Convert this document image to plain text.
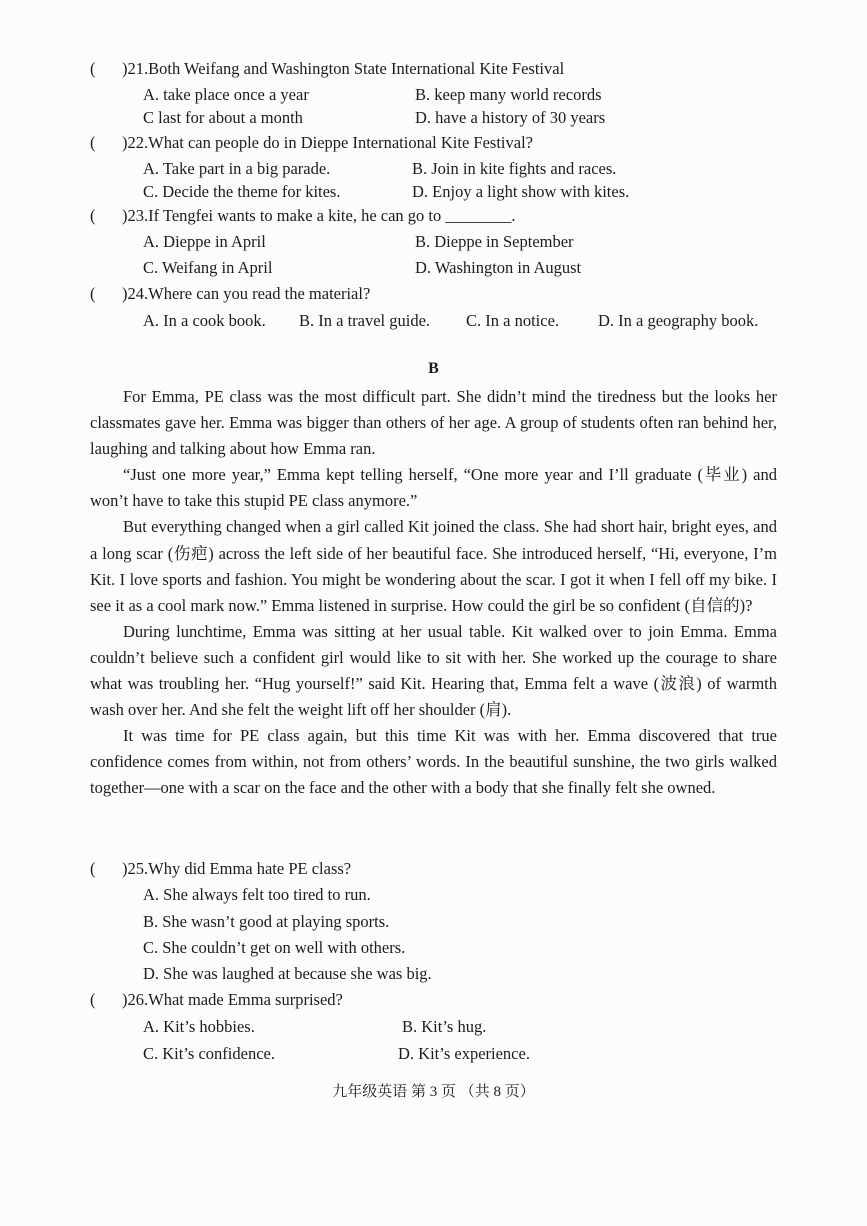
( )21.Both Weifang and Washington State International Kite Festival
A. take place once a year	B. keep many world records
C last for about a month	D. have a history of 30 years
( )22.What can people do in Dieppe International Kite Festival?
A. Take part in a big parade.	B. Join in kite fights and races.
C. Decide the theme for kites.	D. Enjoy a light show with kites.
( )23.If Tengfei wants to make a kite, he can go to ________.
A. Dieppe in April	B. Dieppe in September
C. Weifang in April	D. Washington in August
( )24.Where can you read the material?
A. In a cook book. B. In a travel guide. C. In a notice. D. In a geography book.
B

For Emma, PE class was the most difficult part. She didn’t mind the tiredness but the looks her classmates gave her. Emma was bigger than others of her age. A group of students often ran behind her, laughing and talking about how Emma ran.

“Just one more year,” Emma kept telling herself, “One more year and I’ll graduate (毕业) and won’t have to take this stupid PE class anymore.”

But everything changed when a girl called Kit joined the class. She had short hair, bright eyes, and a long scar (伤疤) across the left side of her beautiful face. She introduced herself, “Hi, everyone, I’m Kit. I love sports and fashion. You might be wondering about the scar. I got it when I fell off my bike. I see it as a cool mark now.” Emma listened in surprise. How could the girl be so confident (自信的)?

During lunchtime, Emma was sitting at her usual table. Kit walked over to join Emma. Emma couldn’t believe such a confident girl would like to sit with her. She worked up the courage to share what was troubling her. “Hug yourself!” said Kit. Hearing that, Emma felt a wave (波浪) of warmth wash over her. And she felt the weight lift off her shoulder (肩).

It was time for PE class again, but this time Kit was with her. Emma discovered that true confidence comes from within, not from others’ words. In the beautiful sunshine, the two girls walked together—one with a scar on the face and the other with a body that she finally felt she owned.

( )25.Why did Emma hate PE class?
A. She always felt too tired to run.
B. She wasn’t good at playing sports.
C. She couldn’t get on well with others.
D. She was laughed at because she was big.
( )26.What made Emma surprised?
A. Kit’s hobbies.	B. Kit’s hug.
C. Kit’s confidence.	D. Kit’s experience.
九年级英语 第 3 页 （共 8 页）
